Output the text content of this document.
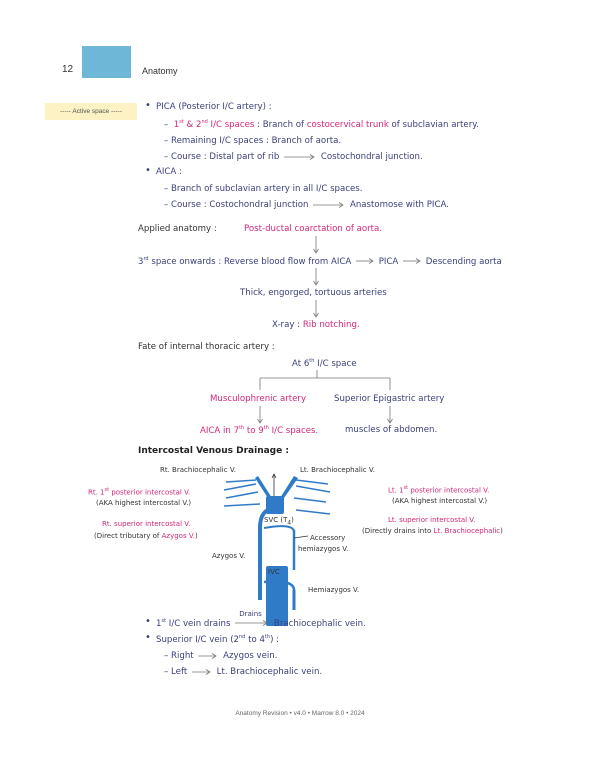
12	Anatomy
----- Active space -----
• PICA (Posterior I/C artery) :
–  1st & 2nd I/C spaces : Branch of costocervical trunk of subclavian artery.
– Remaining I/C spaces : Branch of aorta.
– Course : Distal part of rib	Costochondral junction.
• AICA :
– Branch of subclavian artery in all I/C spaces.
– Course : Costochondral junction	Anastomose with PICA.
Applied anatomy :	Post-ductal coarctation of aorta.
3rd space onwards : Reverse blood flow from AICA	PICA	Descending aorta
Thick, engorged, tortuous arteries
X-ray : Rib notching.
Fate of internal thoracic artery :
At 6th I/C space
Musculophrenic artery	Superior Epigastric artery
AICA in 7th to 9th I/C spaces.	muscles of abdomen.
Intercostal Venous Drainage :
Rt. Brachiocephalic V.	Lt. Brachiocephalic V.
Rt. 1st posterior intercostal V.
(AKA highest intercostal V.)
Lt. 1st posterior intercostal V.
(AKA highest intercostal V.)
Rt. superior intercostal V.
(Direct tributary of Azygos V.)
Lt. superior intercostal V.
(Directly drains into Lt. Brachiocephalic)
SVC $(T_4)$
Accessory
hemiazygos V.
Azygos V.
IVC
Hemiazygos V.
• 1st I/C vein drains
Drains
Brachiocephalic vein.
• Superior I/C vein (2nd to 4th) :
– Right	Azygos vein.
– Left	Lt. Brachiocephalic vein.
Anatomy Revision • v4.0 • Marrow 8.0 • 2024
